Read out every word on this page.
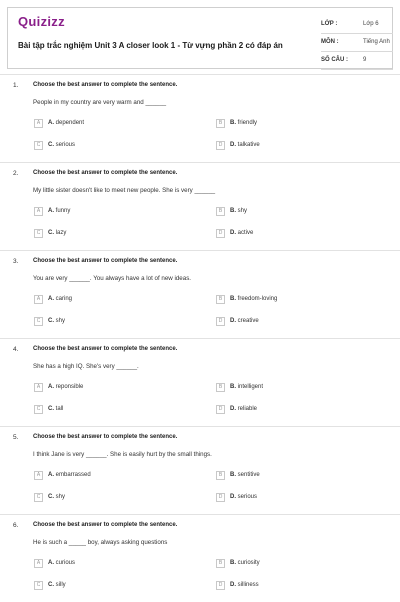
Quizizz
Bài tập trắc nghiệm Unit 3 A closer look 1 - Từ vựng phần 2 có đáp án
LỚP :	Lớp 6
MÔN :	Tiếng Anh
SỐ CÂU :	9
1. Choose the best answer to complete the sentence.
People in my country are very warm and ______
A	A. dependent	B	B. friendly
C	C. serious	D	D. talkative
2. Choose the best answer to complete the sentence.
My little sister doesn't like to meet new people. She is very ______
A	A. funny	B	B. shy
C	C. lazy	D	D. active
3. Choose the best answer to complete the sentence.
You are very ______. You always have a lot of new ideas.
A	A. caring	B	B. freedom-loving
C	C. shy	D	D. creative
4. Choose the best answer to complete the sentence.
She has a high IQ. She's very ______.
A	A. reponsible	B	B. intelligent
C	C. tall	D	D. reliable
5. Choose the best answer to complete the sentence.
I think Jane is very ______. She is easily hurt by the small things.
A	A. embarrassed	B	B. sentitive
C	C. shy	D	D. serious
6. Choose the best answer to complete the sentence.
He is such a _____ boy, always asking questions
A	A. curious	B	B. curiosity
C	C. silly	D	D. silliness
